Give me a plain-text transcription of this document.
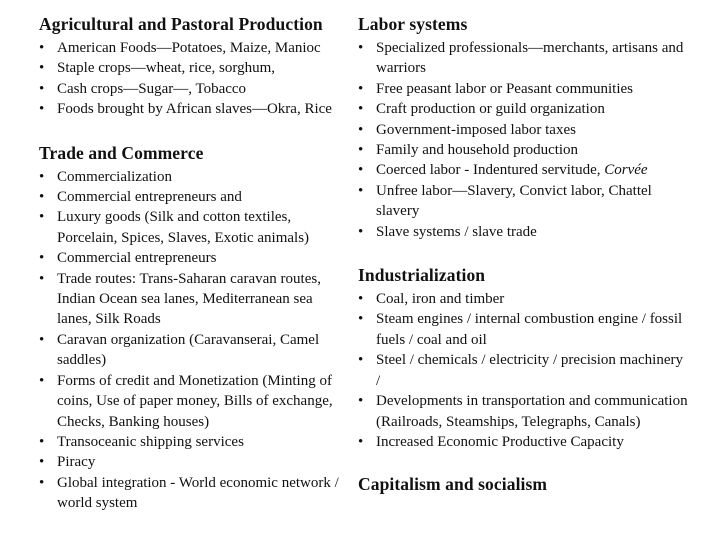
Agricultural and Pastoral Production
• American Foods—Potatoes, Maize, Manioc
• Staple crops—wheat, rice, sorghum,
• Cash crops—Sugar—, Tobacco
• Foods brought by African slaves—Okra, Rice
Trade and Commerce
• Commercialization
• Commercial entrepreneurs and
• Luxury goods (Silk and cotton textiles, Porcelain, Spices, Slaves, Exotic animals)
• Commercial entrepreneurs
• Trade routes: Trans-Saharan caravan routes, Indian Ocean sea lanes, Mediterranean sea lanes, Silk Roads
• Caravan organization (Caravanserai, Camel saddles)
• Forms of credit and Monetization (Minting of coins, Use of paper money, Bills of exchange, Checks, Banking houses)
• Transoceanic shipping services
• Piracy
• Global integration - World economic network / world system
Labor systems
• Specialized professionals—merchants, artisans and warriors
• Free peasant labor or Peasant communities
• Craft production or guild organization
• Government-imposed labor taxes
• Family and household production
• Coerced labor - Indentured servitude, Corvée
• Unfree labor—Slavery, Convict labor, Chattel slavery
• Slave systems / slave trade
Industrialization
• Coal, iron and timber
• Steam engines / internal combustion engine / fossil fuels / coal and oil
• Steel / chemicals / electricity / precision machinery /
• Developments in transportation and communication (Railroads, Steamships, Telegraphs, Canals)
• Increased Economic Productive Capacity
Capitalism and socialism
